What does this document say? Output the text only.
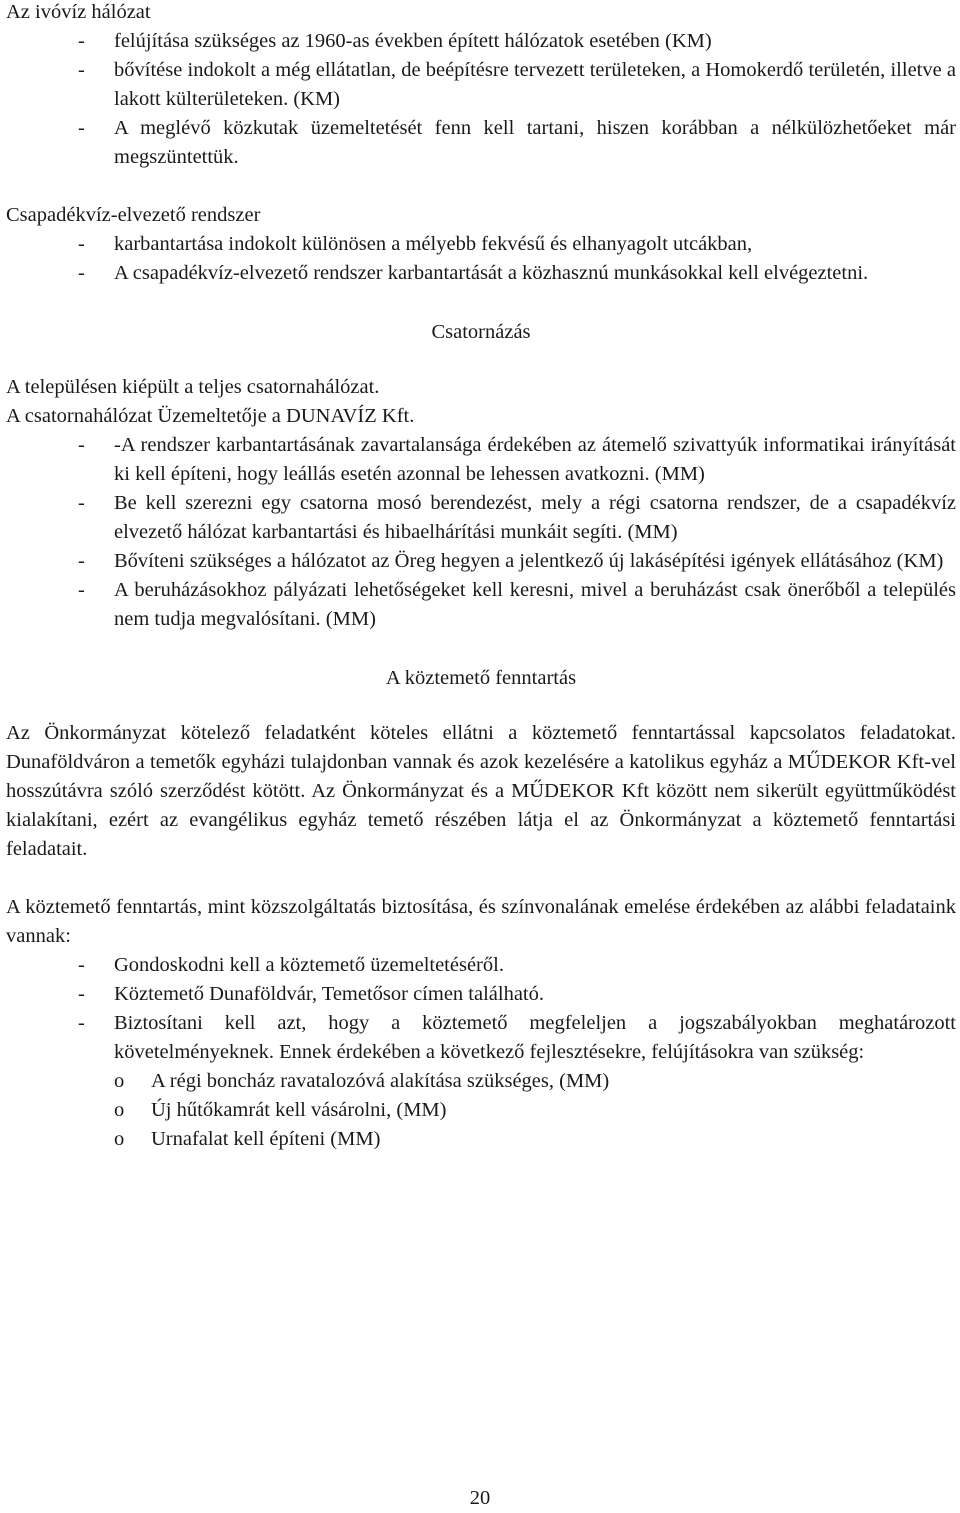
Az ivóvíz hálózat
- felújítása szükséges az 1960-as években épített hálózatok esetében (KM)
- bővítése indokolt a még ellátatlan, de beépítésre tervezett területeken, a Homokerdő területén, illetve a lakott külterületeken. (KM)
- A meglévő közkutak üzemeltetését fenn kell tartani, hiszen korábban a nélkülözhetőeket már megszüntettük.
Csapadékvíz-elvezető rendszer
- karbantartása indokolt különösen a mélyebb fekvésű és elhanyagolt utcákban,
- A csapadékvíz-elvezető rendszer karbantartását a közhasznú munkásokkal kell elvégeztetni.
Csatornázás

A településen kiépült a teljes csatornahálózat.

A csatornahálózat Üzemeltetője a DUNAVÍZ Kft.

- -A rendszer karbantartásának zavartalansága érdekében az átemelő szivattyúk informatikai irányítását ki kell építeni, hogy leállás esetén azonnal be lehessen avatkozni. (MM)
- Be kell szerezni egy csatorna mosó berendezést, mely a régi csatorna rendszer, de a csapadékvíz elvezető hálózat karbantartási és hibaelhárítási munkáit segíti. (MM)
- Bővíteni szükséges a hálózatot az Öreg hegyen a jelentkező új lakásépítési igények ellátásához (KM)
- A beruházásokhoz pályázati lehetőségeket kell keresni, mivel a beruházást csak önerőből a település nem tudja megvalósítani. (MM)
A köztemető fenntartás

Az Önkormányzat kötelező feladatként köteles ellátni a köztemető fenntartással kapcsolatos feladatokat. Dunaföldváron a temetők egyházi tulajdonban vannak és azok kezelésére a katolikus egyház a MŰDEKOR Kft-vel hosszútávra szóló szerződést kötött. Az Önkormányzat és a MŰDEKOR Kft között nem sikerült együttműködést kialakítani, ezért az evangélikus egyház temető részében látja el az Önkormányzat a köztemető fenntartási feladatait.

A köztemető fenntartás, mint közszolgáltatás biztosítása, és színvonalának emelése érdekében az alábbi feladataink vannak:

- Gondoskodni kell a köztemető üzemeltetéséről.
- Köztemető Dunaföldvár, Temetősor címen található.
- Biztosítani kell azt, hogy a köztemető megfeleljen a jogszabályokban meghatározott követelményeknek. Ennek érdekében a következő fejlesztésekre, felújításokra van szükség:
o A régi boncház ravatalozóvá alakítása szükséges, (MM)
o Új hűtőkamrát kell vásárolni, (MM)
o Urnafalat kell építeni (MM)
20
